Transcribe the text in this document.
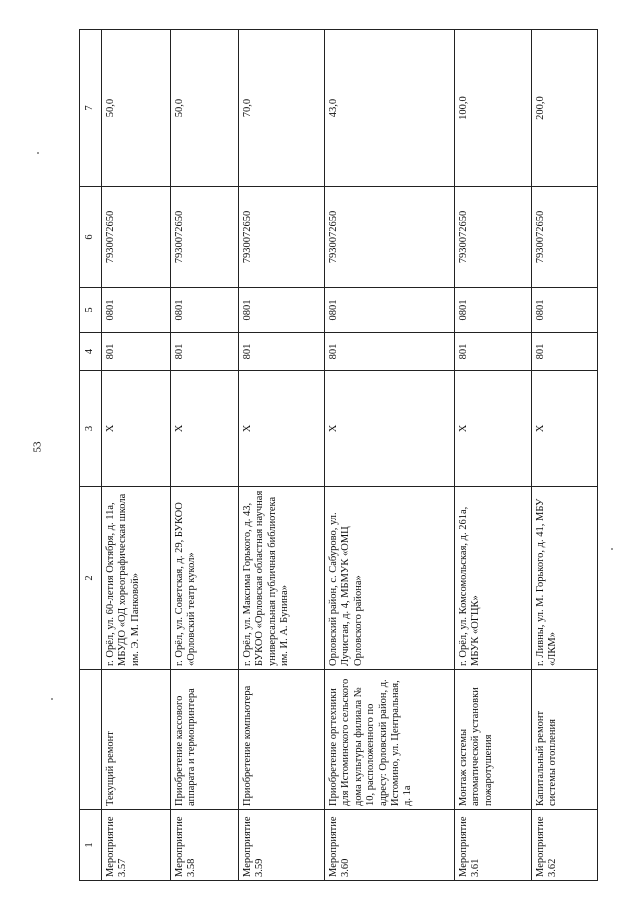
53
1		2	3	4	5	6	7
Мероприятие 3.57	Текущий ремонт	г. Орёл, ул. 60-летия Октября, д. 11а, МБУДО «ОД хореографическая школа им. Э. М. Панковой»	X	801	0801	7930072650	50,0
Мероприятие 3.58	Приобретение кассового аппарата и термопринтера	г. Орёл, ул. Советская, д. 29, БУКОО «Орловский театр кукол»	X	801	0801	7930072650	50,0
Мероприятие 3.59	Приобретение компьютера	г. Орёл, ул. Максима Горького, д. 43, БУКОО «Орловская областная научная универсальная публичная библиотека им. И. А. Бунина»	X	801	0801	7930072650	70,0
Мероприятие 3.60	Приобретение оргтехники для Истоминского сельского дома культуры филиала № 10, расположенного по адресу: Орловский район, д. Истомино, ул. Центральная, д. 1а	Орловский район, с. Сабурово, ул. Лучистая, д. 4, МБМУК «ОМЦ Орловского района»	X	801	0801	7930072650	43,0
Мероприятие 3.61	Монтаж системы автоматической установки пожаротушения	г. Орёл, ул. Комсомольская, д. 261а, МБУК «ОГЦК»	X	801	0801	7930072650	100,0
Мероприятие 3.62	Капитальный ремонт системы отопления	г. Ливны, ул. М. Горького, д. 41, МБУ «ЛКМ»	X	801	0801	7930072650	200,0
